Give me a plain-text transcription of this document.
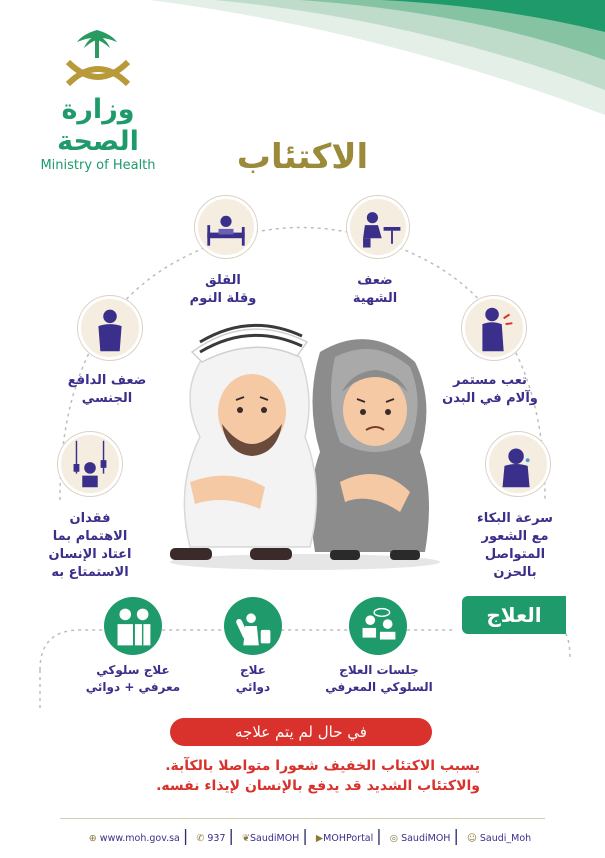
وزارة الصحة
Ministry of Health	الاكتئاب
ضعف
الشهية
القلق
وقلة النوم
ضعف الدافع
الجنسي
تعب مستمر
وآلام في البدن
فقدان
الاهتمام بما
اعتاد الإنسان
الاستمتاع به
سرعة البكاء
مع الشعور
المتواصل
بالحزن
العلاج
جلسات العلاج
السلوكي المعرفي
علاج
دوائي
علاج سلوكي
معرفي + دوائي
في حال لم يتم علاجه
يسبب الاكتئاب الخفيف شعورا متواصلا بالكآبة.
والاكتئاب الشديد قد يدفع بالإنسان لإيذاء نفسه.
⊕ www.moh.gov.sa | ✆ 937 | ❦SaudiMOH | ▶MOHPortal | ◎ SaudiMOH | ☺ Saudi_Moh
